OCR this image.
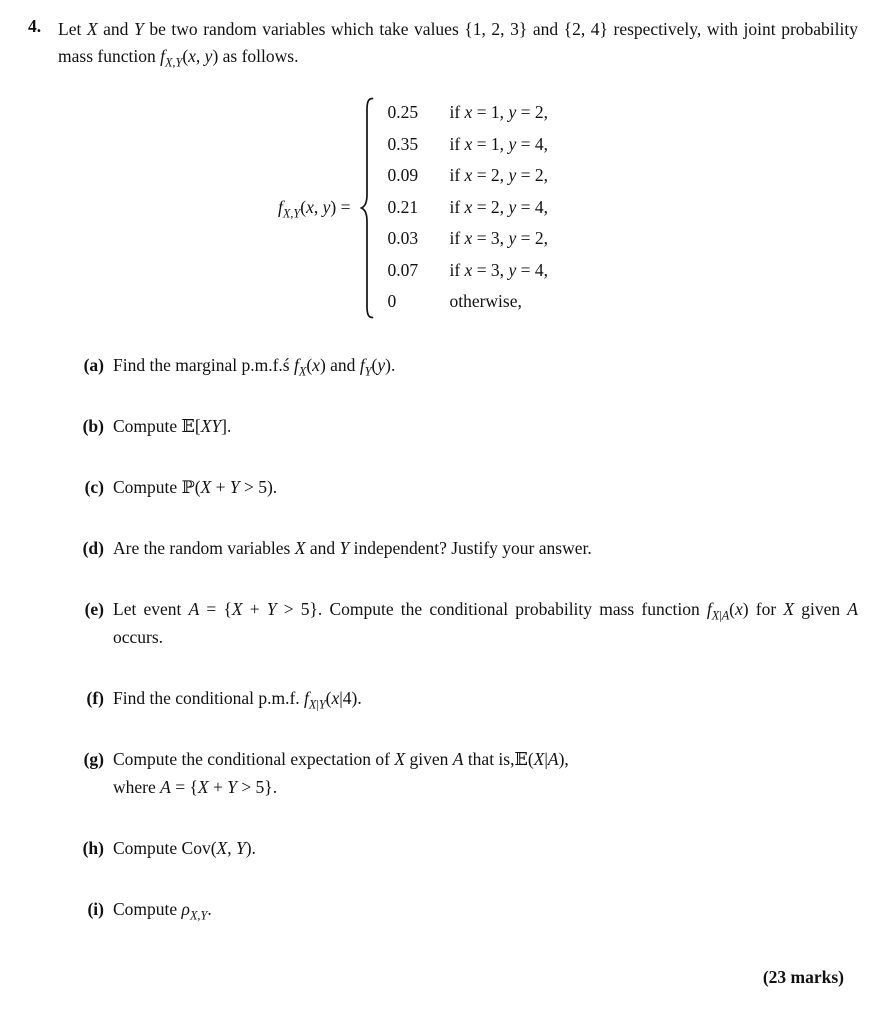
4. Let X and Y be two random variables which take values {1, 2, 3} and {2, 4} respectively, with joint probability mass function $f_{X,Y}(x$, y) as follows.
$f_{X,Y}(x$, y) =
0.25 if x = 1, y = 2,
0.35 if x = 1, y = 4,
0.09 if x = 2, y = 2,
0.21 if x = 2, y = 4,
0.03 if x = 3, y = 2,
0.07 if x = 3, y = 4,
0	otherwise,
(a) Find the marginal p.m.f.ś $f_X(x)$ and $f_Y(y)$.
(b) Compute 𝔼[XY].
(c) Compute ℙ(X + Y > 5).
(d) Are the random variables X and Y independent? Justify your answer.
(e) Let event A = {X + Y > 5}. Compute the conditional probability mass function $f_{X|A}(x)$ for X given A occurs.
(f) Find the conditional p.m.f. $f_{X|Y}(x|4)$.
(g) Compute the conditional expectation of X given A that is,𝔼(X|A),
where A = {X + Y > 5}.
(h) Compute Cov(X, Y).
(i) Compute $\rho_{X,Y}$.
(23 marks)
